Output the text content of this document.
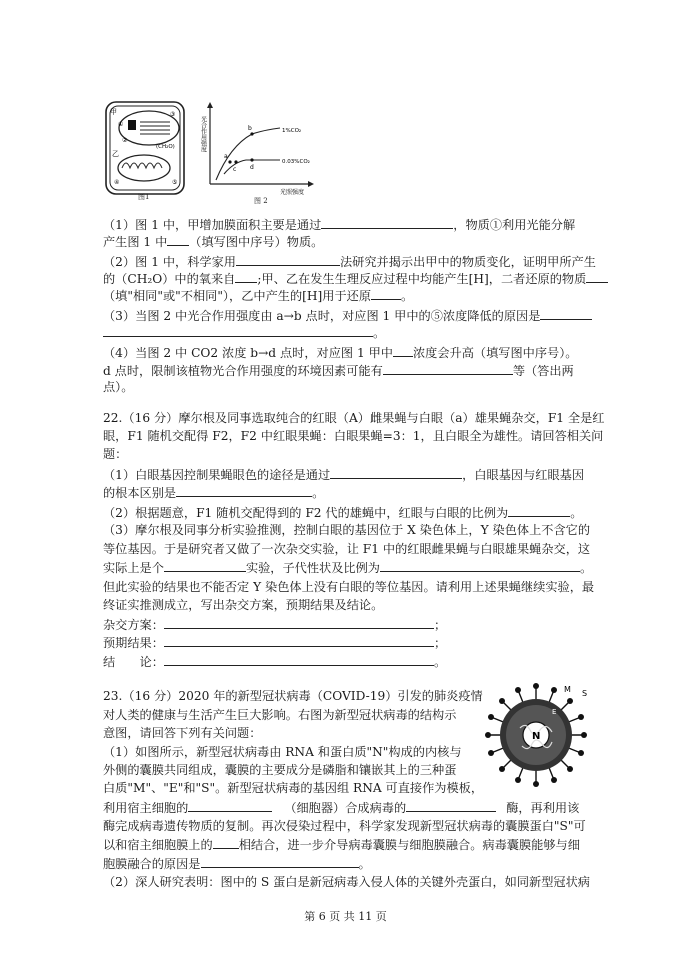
甲
乙
①
②
③
④	⑤
(CH₂O)
图1
光合作用强度
光照强度
a
b
c d
1%CO₂
0.03%CO₂
图 2
（1）图 1 中，甲增加膜面积主要是通过	，物质①利用光能分解
产生图 1 中 （填写图中序号）物质。
（2）图 1 中，科学家用	法研究并揭示出甲中的物质变化，证明甲所产生
的（CH₂O）中的氧来自 ;甲、乙在发生生理反应过程中均能产生[H]，二者还原的物质
（填"相同"或"不相同"），乙中产生的[H]用于还原 。
（3）当图 2 中光合作用强度由 a→b 点时，对应图 1 甲中的⑤浓度降低的原因是
。
（4）当图 2 中 CO2 浓度 b→d 点时，对应图 1 甲中 浓度会升高（填写图中序号）。
d 点时，限制该植物光合作用强度的环境因素可能有	等（答出两
点）。
22.（16 分）摩尔根及同事选取纯合的红眼（A）雌果蝇与白眼（a）雄果蝇杂交，F1 全是红
眼，F1 随机交配得 F2，F2 中红眼果蝇：白眼果蝇=3：1，且白眼全为雄性。请回答相关问
题：
（1）白眼基因控制果蝇眼色的途径是通过	，白眼基因与红眼基因
的根本区别是	。
（2）根据题意，F1 随机交配得到的 F2 代的雄蝇中，红眼与白眼的比例为	。
（3）摩尔根及同事分析实验推测，控制白眼的基因位于 X 染色体上，Y 染色体上不含它的
等位基因。于是研究者又做了一次杂交实验，让 F1 中的红眼雌果蝇与白眼雄果蝇杂交，这
实际上是个	实验，子代性状及比例为	。
但此实验的结果也不能否定 Y 染色体上没有白眼的等位基因。请利用上述果蝇继续实验，最
终证实推测成立，写出杂交方案，预期结果及结论。
杂交方案：	；
预期结果：	；
结　　论：	。
23.（16 分）2020 年的新型冠状病毒（COVID-19）引发的肺炎疫情
对人类的健康与生活产生巨大影响。右图为新型冠状病毒的结构示
意图，请回答下列有关问题：
（1）如图所示，新型冠状病毒由 RNA 和蛋白质"N"构成的内核与
外侧的囊膜共同组成，囊膜的主要成分是磷脂和镶嵌其上的三种蛋
白质"M"、"E"和"S"。新型冠状病毒的基因组 RNA 可直接作为模板，
利用宿主细胞的	（细胞器）合成病毒的	酶，再利用该
酶完成病毒遗传物质的复制。再次侵染过程中，科学家发现新型冠状病毒的囊膜蛋白"S"可
以和宿主细胞膜上的 相结合，进一步介导病毒囊膜与细胞膜融合。病毒囊膜能够与细
胞膜融合的原因是	。
（2）深人研究表明：图中的 S 蛋白是新冠病毒入侵人体的关键外壳蛋白，如同新型冠状病
N
M S
E
第 6 页 共 11 页
